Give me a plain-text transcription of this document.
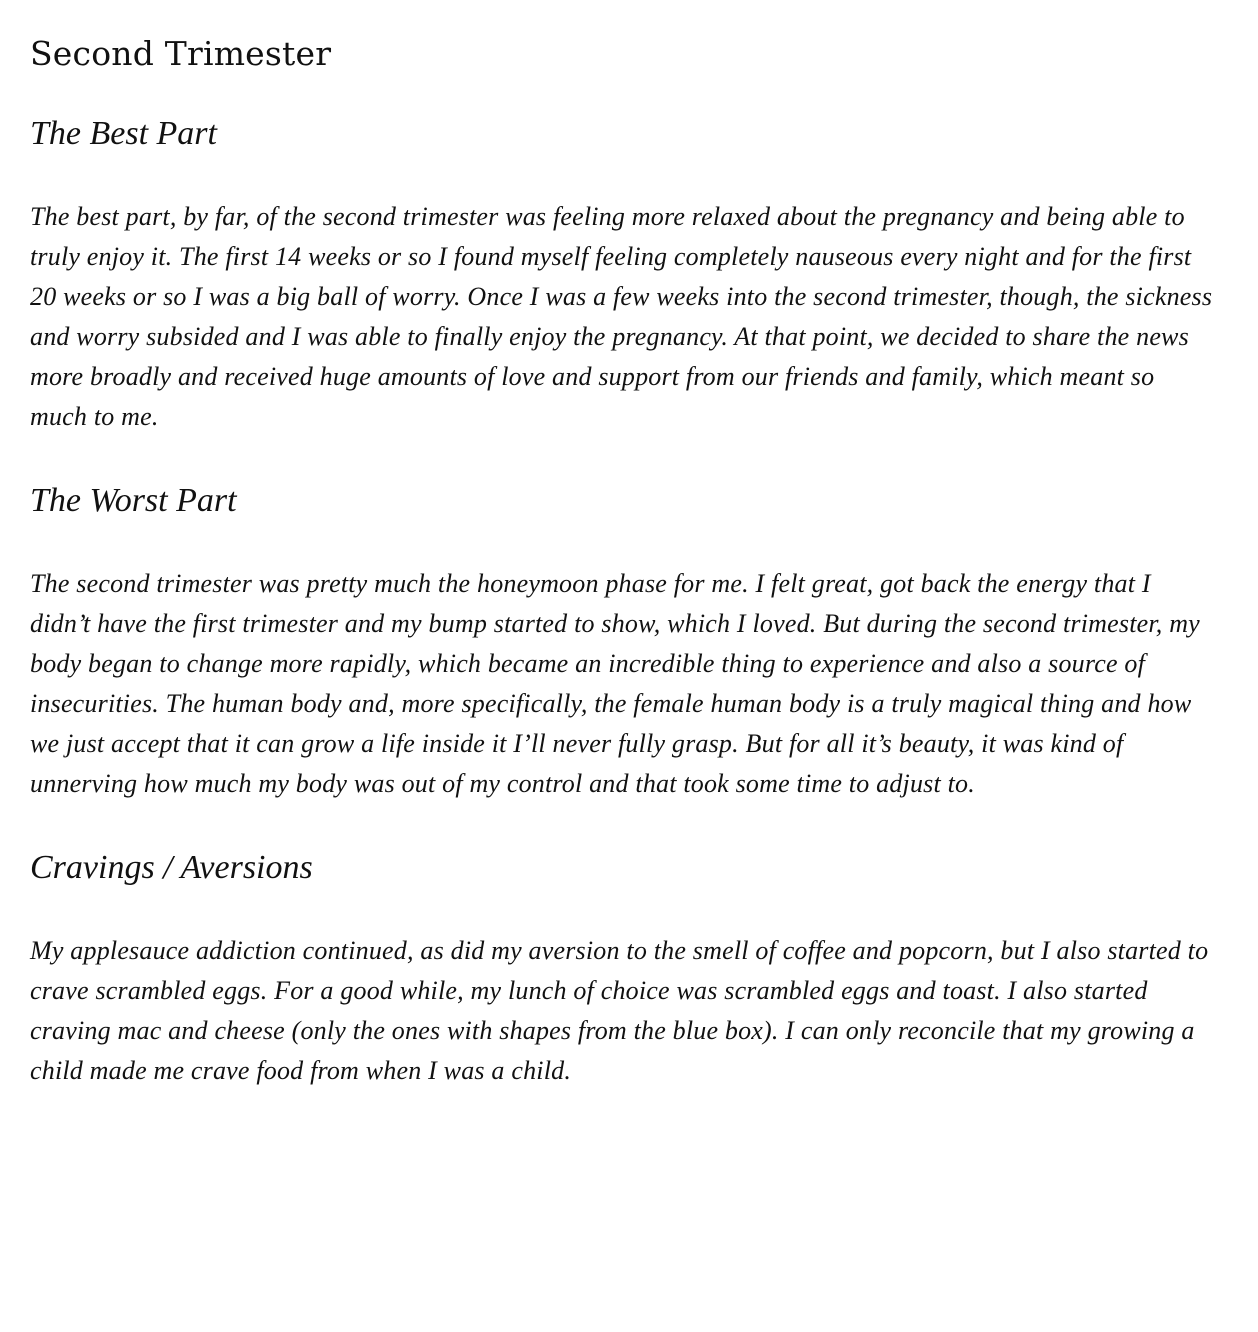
Second Trimester
The Best Part

The best part, by far, of the second trimester was feeling more relaxed about the pregnancy and being able to truly enjoy it. The first 14 weeks or so I found myself feeling completely nauseous every night and for the first 20 weeks or so I was a big ball of worry. Once I was a few weeks into the second trimester, though, the sickness and worry subsided and I was able to finally enjoy the pregnancy. At that point, we decided to share the news more broadly and received huge amounts of love and support from our friends and family, which meant so much to me.

The Worst Part

The second trimester was pretty much the honeymoon phase for me. I felt great, got back the energy that I didn’t have the first trimester and my bump started to show, which I loved. But during the second trimester, my body began to change more rapidly, which became an incredible thing to experience and also a source of insecurities. The human body and, more specifically, the female human body is a truly magical thing and how we just accept that it can grow a life inside it I’ll never fully grasp. But for all it’s beauty, it was kind of unnerving how much my body was out of my control and that took some time to adjust to.

Cravings / Aversions

My applesauce addiction continued, as did my aversion to the smell of coffee and popcorn, but I also started to crave scrambled eggs. For a good while, my lunch of choice was scrambled eggs and toast. I also started craving mac and cheese (only the ones with shapes from the blue box). I can only reconcile that my growing a child made me crave food from when I was a child.
